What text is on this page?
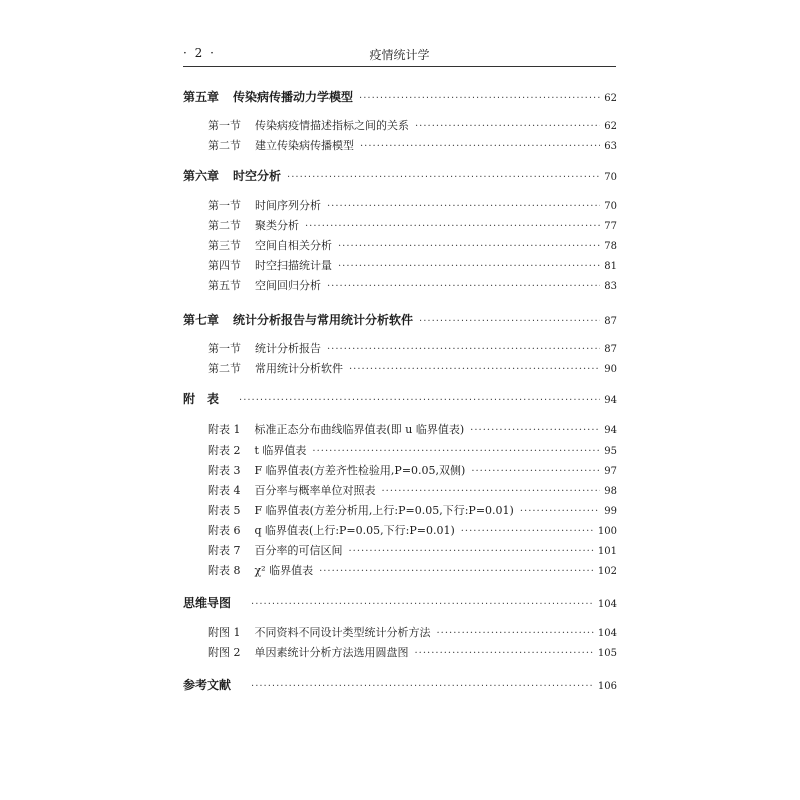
· 2 ·	疫情统计学
第五章 传染病传播动力学模型 ·····	62
第一节 传染病疫情描述指标之间的关系 ·····	62
第二节 建立传染病传播模型 ·····	63
第六章 时空分析 ·····	70
第一节 时间序列分析 ·····	70
第二节 聚类分析 ·····	77
第三节 空间自相关分析 ·····	78
第四节 时空扫描统计量 ·····	81
第五节 空间回归分析 ·····	83
第七章 统计分析报告与常用统计分析软件 ·····	87
第一节 统计分析报告 ·····	87
第二节 常用统计分析软件 ·····	90
附　表 ·····	94
附表 1 标准正态分布曲线临界值表(即 u 临界值表) ·····	94
附表 2 t 临界值表 ·····	95
附表 3 F 临界值表(方差齐性检验用,P=0.05,双侧) ·····	97
附表 4 百分率与概率单位对照表 ·····	98
附表 5 F 临界值表(方差分析用,上行:P=0.05,下行:P=0.01) ·····	99
附表 6 q 临界值表(上行:P=0.05,下行:P=0.01) ·····	100
附表 7 百分率的可信区间 ·····	101
附表 8 χ² 临界值表 ·····	102
思维导图 ·····	104
附图 1 不同资料不同设计类型统计分析方法 ·····	104
附图 2 单因素统计分析方法选用圆盘图 ·····	105
参考文献 ·····	106
